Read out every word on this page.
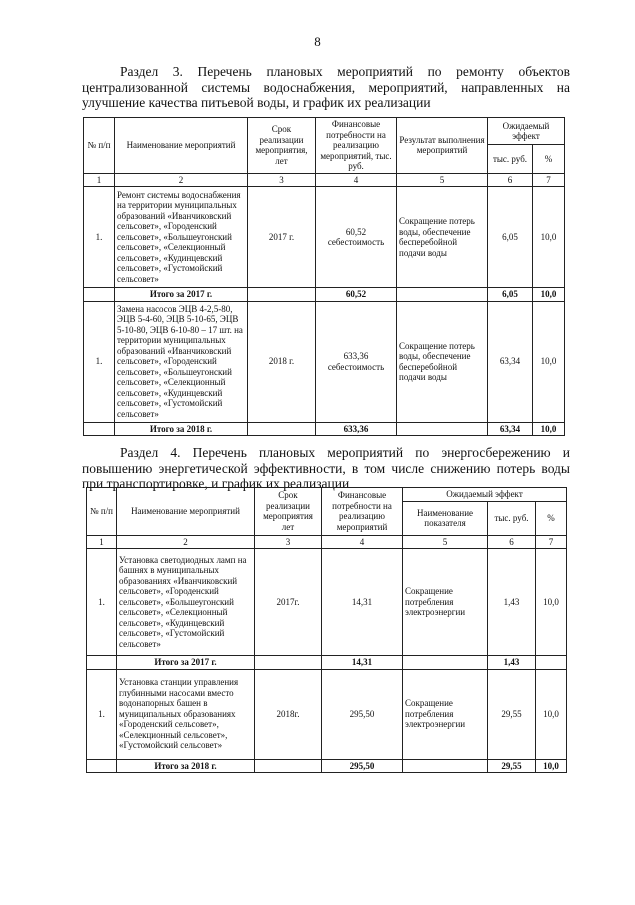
8
Раздел 3. Перечень плановых мероприятий по ремонту объектов централизованной системы водоснабжения, мероприятий, направленных на улучшение качества питьевой воды, и график их реализации
№ п/п	Наименование мероприятий	Срок реализации мероприятия, лет	Финансовые потребности на реализацию мероприятий, тыс. руб.	Результат выполнения мероприятий	Ожидаемый эффект	
					тыс. руб.	%
1	2	3	4	5	6	7
1.	Ремонт системы водоснабжения на территории муниципальных образований «Иванчиковский сельсовет», «Городенский сельсовет», «Большеугонский сельсовет», «Селекционный сельсовет», «Кудинцевский сельсовет», «Густомойский сельсовет»	2017 г.	60,52 себестоимость	Сокращение потерь воды, обеспечение бесперебойной подачи воды	6,05	10,0
	Итого за 2017 г.		60,52		6,05	10,0
1.	Замена насосов ЭЦВ 4-2,5-80, ЭЦВ 5-4-60, ЭЦВ 5-10-65, ЭЦВ 5-10-80, ЭЦВ 6-10-80 – 17 шт. на территории муниципальных образований «Иванчиковский сельсовет», «Городенский сельсовет», «Большеугонский сельсовет», «Селекционный сельсовет», «Кудинцевский сельсовет», «Густомойский сельсовет»	2018 г.	633,36 себестоимость	Сокращение потерь воды, обеспечение бесперебойной подачи воды	63,34	10,0
	Итого за 2018 г.		633,36		63,34	10,0
Раздел 4. Перечень плановых мероприятий по энергосбережению и повышению энергетической эффективности, в том числе снижению потерь воды при транспортировке, и график их реализации
№ п/п	Наименование мероприятий	Срок реализации мероприятия лет	Финансовые потребности на реализацию мероприятий	Ожидаемый эффект		
				Наименование показателя	тыс. руб.	%
1	2	3	4	5	6	7
1.	Установка светодиодных ламп на башнях в муниципальных образованиях «Иванчиковский сельсовет», «Городенский сельсовет», «Большеугонский сельсовет», «Селекционный сельсовет», «Кудинцевский сельсовет», «Густомойский сельсовет»	2017г.	14,31	Сокращение потребления электроэнергии	1,43	10,0
	Итого за 2017 г.		14,31		1,43	
1.	Установка станции управления глубинными насосами вместо водонапорных башен в муниципальных образованиях «Городенский сельсовет», «Селекционный сельсовет», «Густомойский сельсовет»	2018г.	295,50	Сокращение потребления электроэнергии	29,55	10,0
	Итого за 2018 г.		295,50		29,55	10,0
